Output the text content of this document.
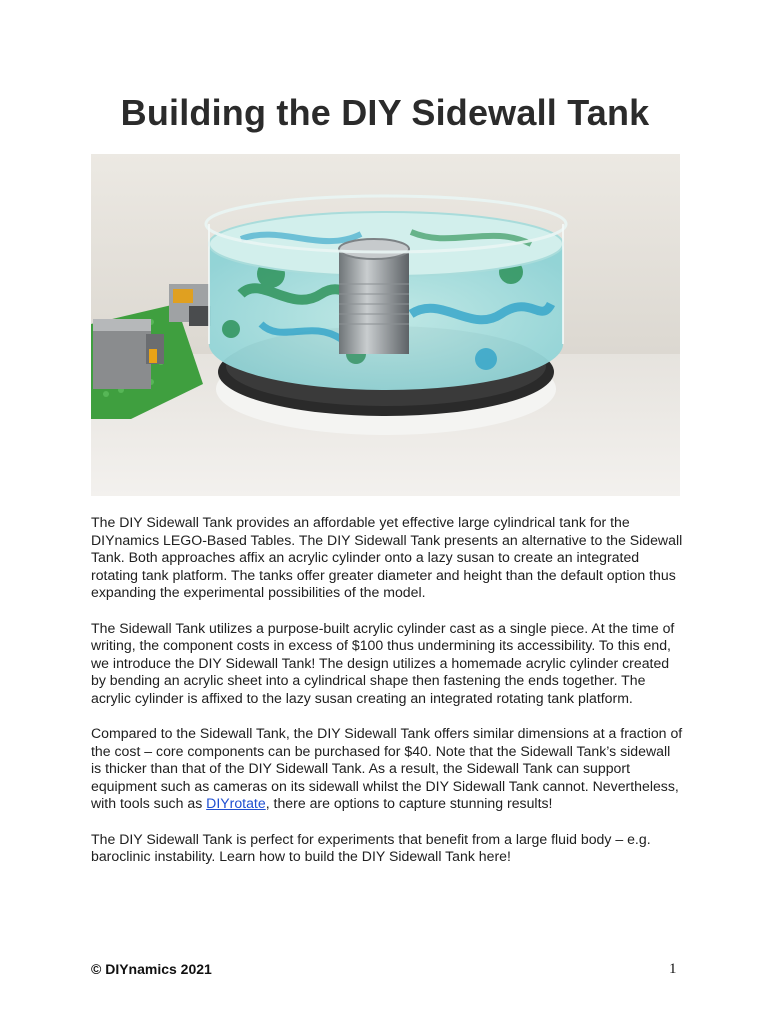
Building the DIY Sidewall Tank

The DIY Sidewall Tank provides an affordable yet effective large cylindrical tank for the DIYnamics LEGO-Based Tables. The DIY Sidewall Tank presents an alternative to the Sidewall Tank. Both approaches affix an acrylic cylinder onto a lazy susan to create an integrated rotating tank platform. The tanks offer greater diameter and height than the default option thus expanding the experimental possibilities of the model.

The Sidewall Tank utilizes a purpose-built acrylic cylinder cast as a single piece. At the time of writing, the component costs in excess of $100 thus undermining its accessibility. To this end, we introduce the DIY Sidewall Tank! The design utilizes a homemade acrylic cylinder created by bending an acrylic sheet into a cylindrical shape then fastening the ends together. The acrylic cylinder is affixed to the lazy susan creating an integrated rotating tank platform.

Compared to the Sidewall Tank, the DIY Sidewall Tank offers similar dimensions at a fraction of the cost – core components can be purchased for $40. Note that the Sidewall Tank’s sidewall is thicker than that of the DIY Sidewall Tank. As a result, the Sidewall Tank can support equipment such as cameras on its sidewall whilst the DIY Sidewall Tank cannot. Nevertheless, with tools such as DIYrotate, there are options to capture stunning results!

The DIY Sidewall Tank is perfect for experiments that benefit from a large fluid body – e.g. baroclinic instability. Learn how to build the DIY Sidewall Tank here!

© DIYnamics 2021	1
